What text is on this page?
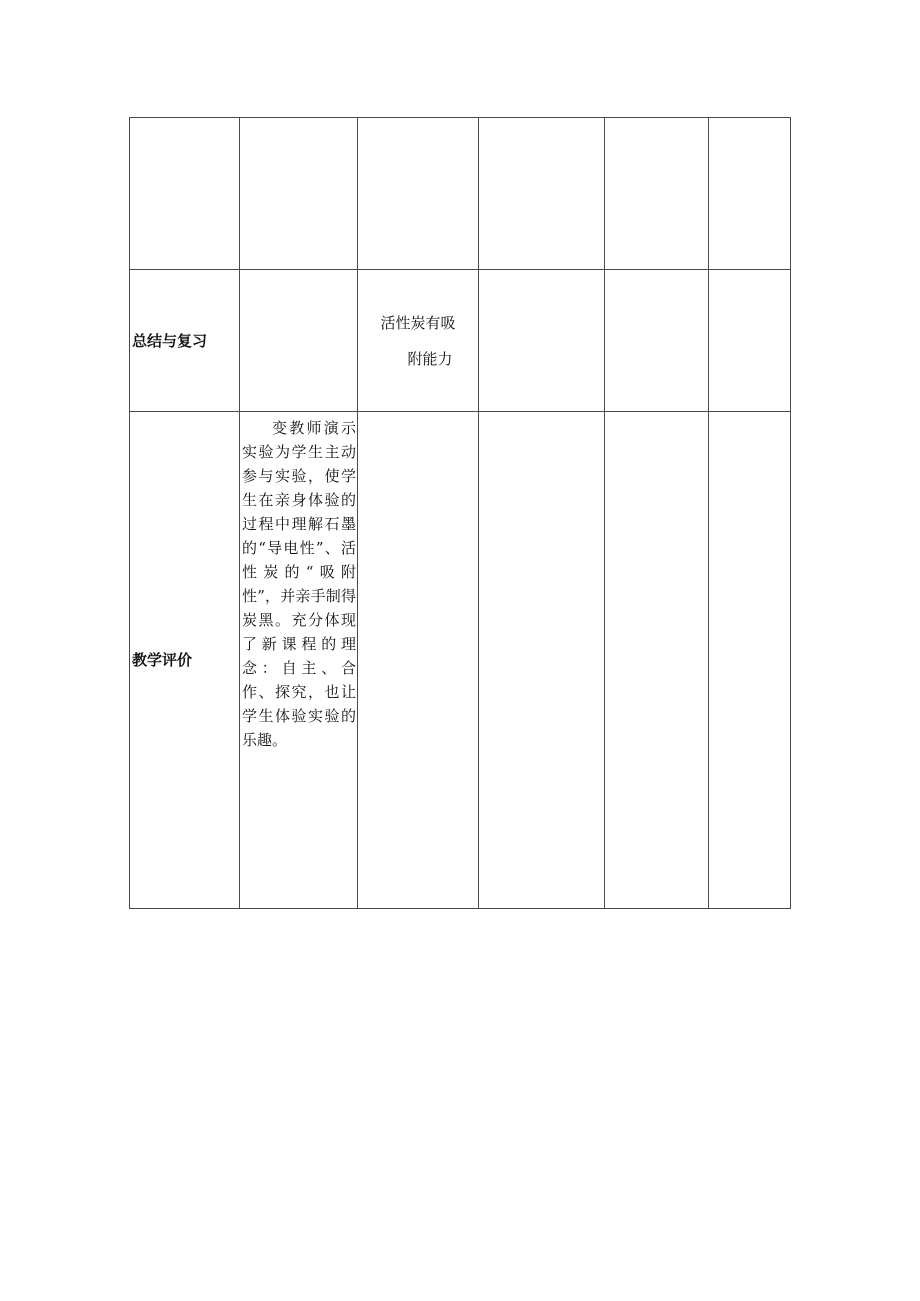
总结与复习		活性炭有吸
附能力			

教学评价	变教师演示实验为学生主动参与实验，使学生在亲身体验的过程中理解石墨的“导电性”、活性炭的“吸附性”，并亲手制得炭黑。充分体现了新课程的理念：自主、合作、探究，也让学生体验实验的乐趣。				
